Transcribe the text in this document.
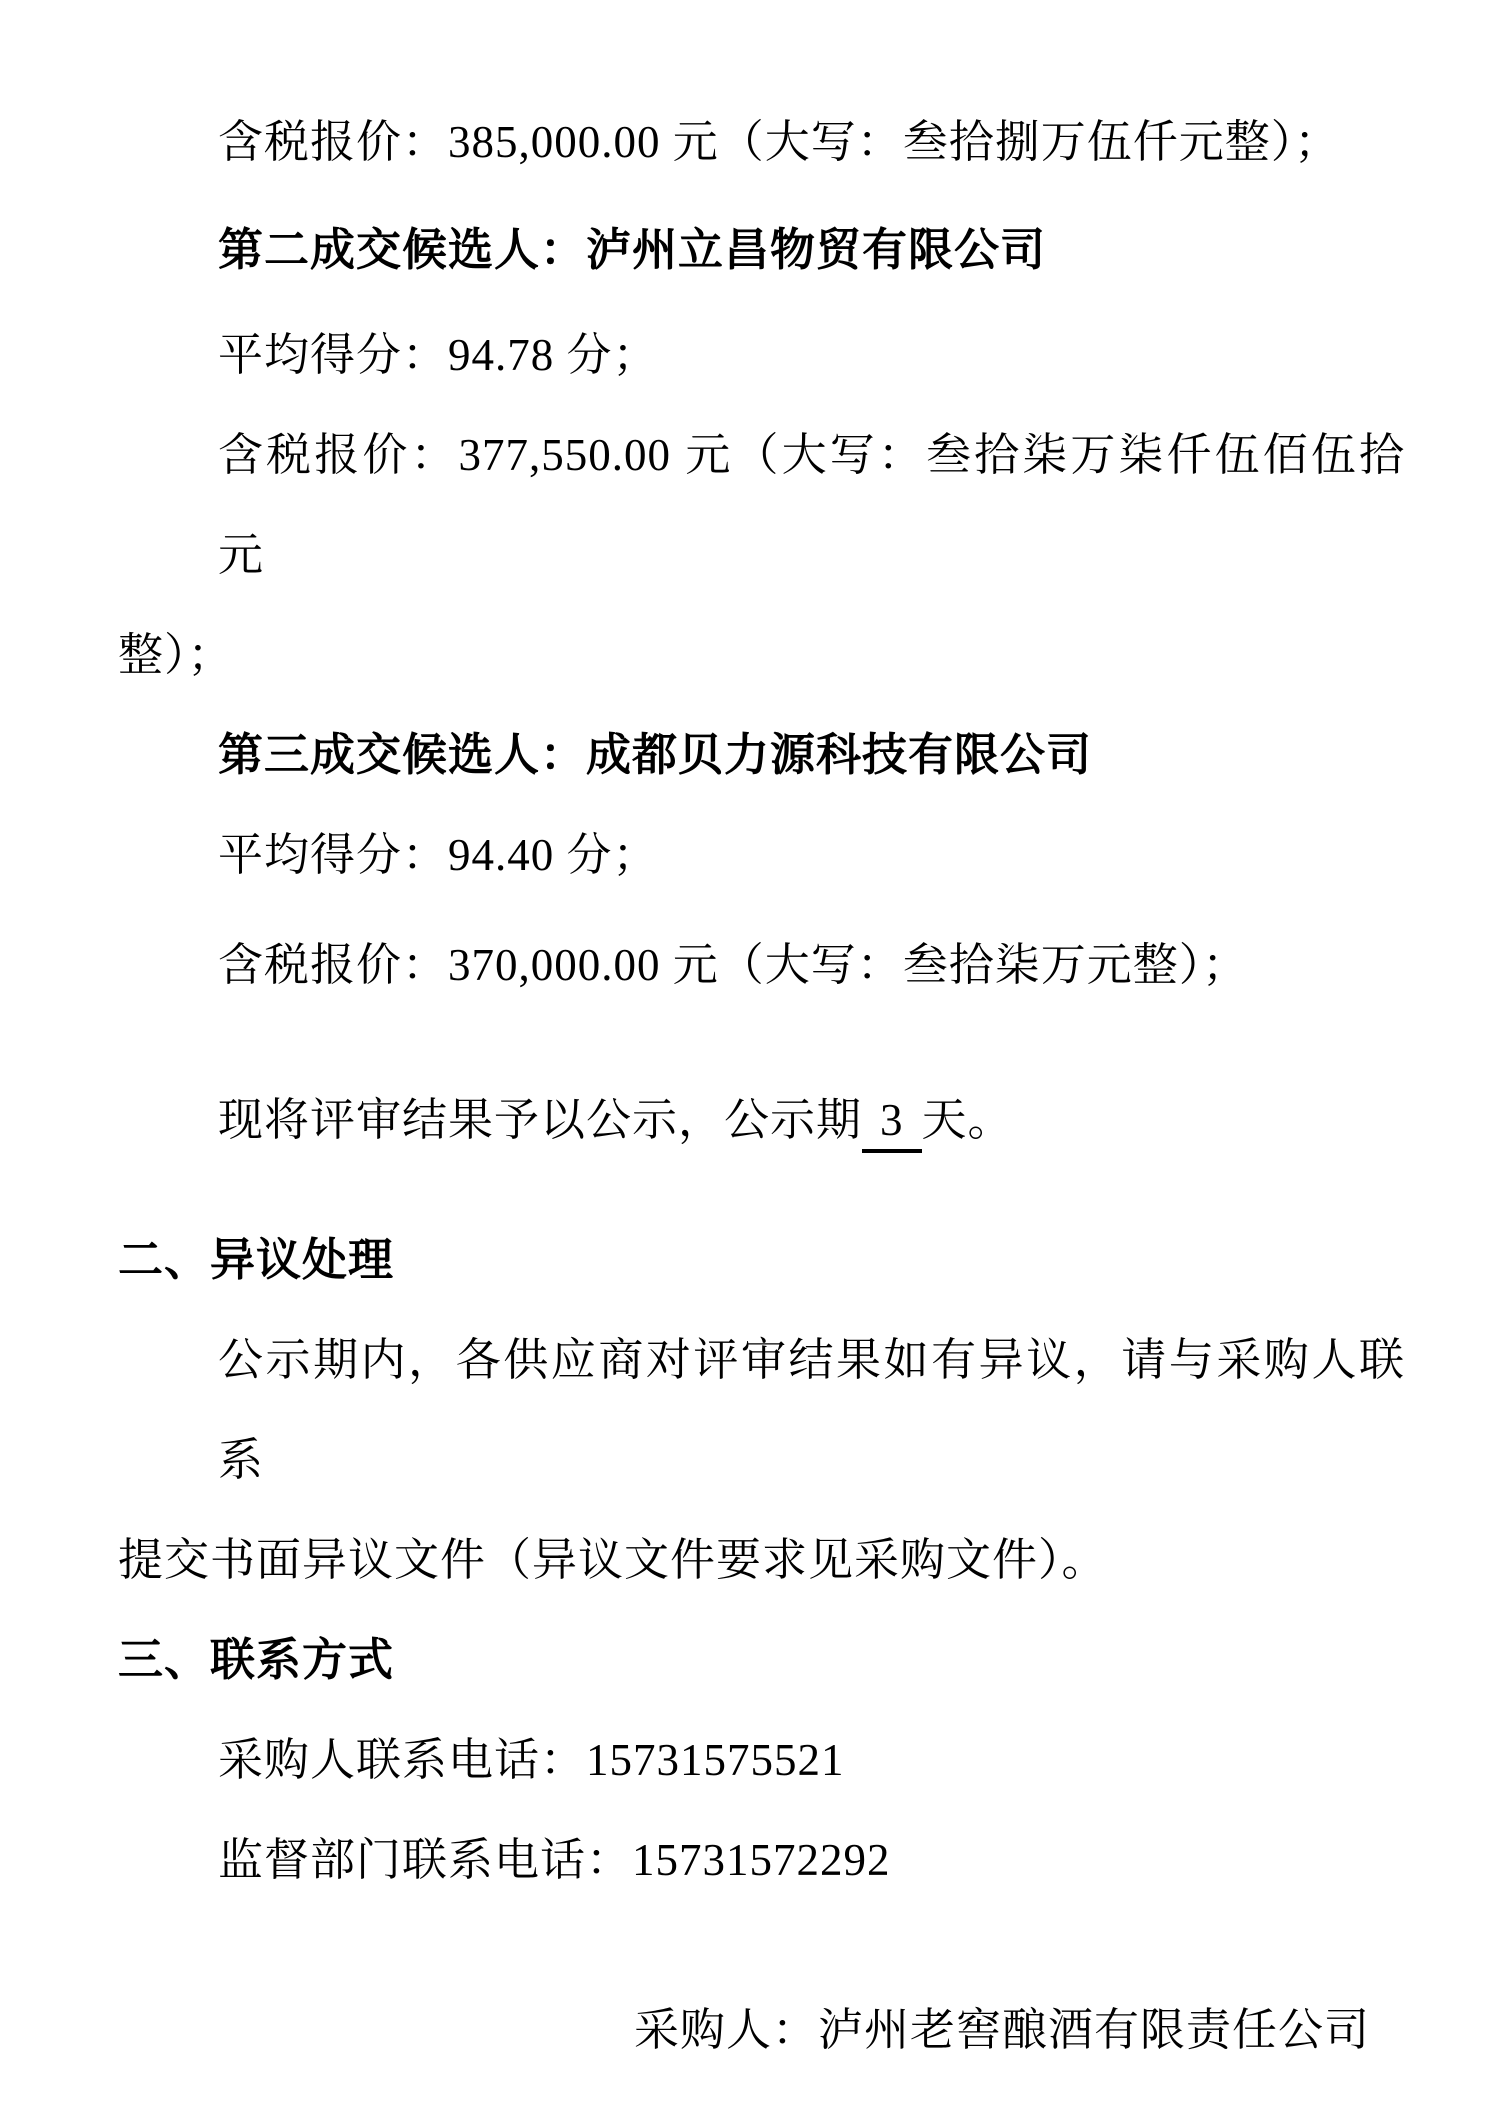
含税报价：385,000.00 元（大写：叁拾捌万伍仟元整）；
第二成交候选人：泸州立昌物贸有限公司
平均得分：94.78 分；
含税报价：377,550.00 元（大写：叁拾柒万柒仟伍佰伍拾元
整）；
第三成交候选人：成都贝力源科技有限公司
平均得分：94.40 分；
含税报价：370,000.00 元（大写：叁拾柒万元整）；
现将评审结果予以公示，公示期 3 天。
二、异议处理
公示期内，各供应商对评审结果如有异议，请与采购人联系
提交书面异议文件（异议文件要求见采购文件）。
三、联系方式
采购人联系电话：15731575521
监督部门联系电话：15731572292
采购人：泸州老窖酿酒有限责任公司
